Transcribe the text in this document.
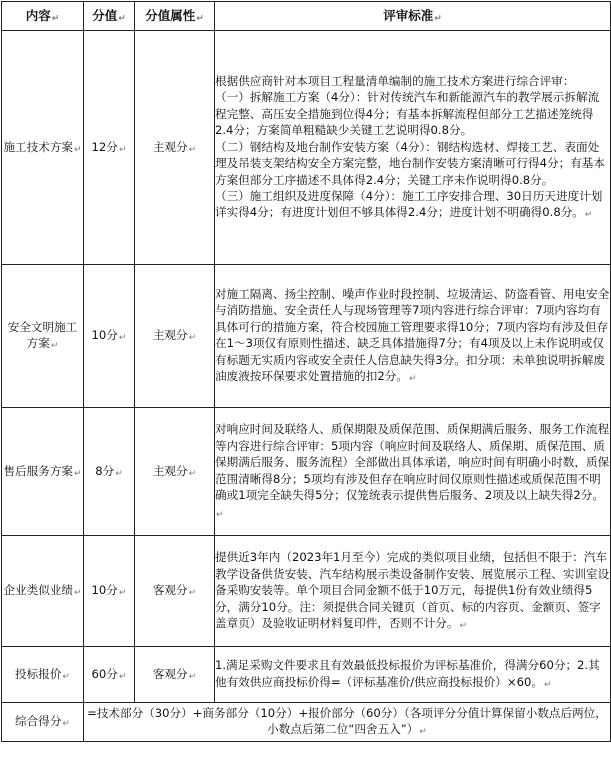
内容↵	分值↵	分值属性↵	评审标准↵
施工技术方案↵	12分↵	主观分↵	根据供应商针对本项目工程量清单编制的施工技术方案进行综合评审：
（一）拆解施工方案（4分）：针对传统汽车和新能源汽车的教学展示拆解流程完整、高压安全措施到位得4分；有基本拆解流程但部分工艺描述笼统得2.4分；方案简单粗糙缺少关键工艺说明得0.8分。
（二）钢结构及地台制作安装方案（4分）：钢结构选材、焊接工艺、表面处理及吊装支架结构安全方案完整，地台制作安装方案清晰可行得4分；有基本方案但部分工序描述不具体得2.4分；关键工序未作说明得0.8分。
（三）施工组织及进度保障（4分）：施工工序安排合理、30日历天进度计划详实得4分；有进度计划但不够具体得2.4分；进度计划不明确得0.8分。↵

安全文明施工方案↵	10分↵	主观分↵	对施工隔离、扬尘控制、噪声作业时段控制、垃圾清运、防盗看管、用电安全与消防措施、安全责任人与现场管理等7项内容进行综合评审：7项内容均有具体可行的措施方案，符合校园施工管理要求得10分；7项内容均有涉及但存在1～3项仅有原则性描述、缺乏具体措施得7分；有4项及以上未作说明或仅有标题无实质内容或安全责任人信息缺失得3分。扣分项：未单独说明拆解废油废液按环保要求处置措施的扣2分。↵

售后服务方案↵	8分↵	主观分↵	对响应时间及联络人、质保期限及质保范围、质保期满后服务、服务工作流程等内容进行综合评审：5项内容（响应时间及联络人、质保期、质保范围、质保期满后服务、服务流程）全部做出具体承诺，响应时间有明确小时数，质保范围清晰得8分；5项均有涉及但存在响应时间仅原则性描述或质保范围不明确或1项完全缺失得5分；仅笼统表示提供售后服务、2项及以上缺失得2分。↵

企业类似业绩↵	10分↵	客观分↵	提供近3年内（2023年1月至今）完成的类似项目业绩，包括但不限于：汽车教学设备供货安装、汽车结构展示类设备制作安装、展览展示工程、实训室设备采购安装等。单个项目合同金额不低于10万元，每提供1份有效业绩得5分，满分10分。注：须提供合同关键页（首页、标的内容页、金额页、签字盖章页）及验收证明材料复印件，否则不计分。↵

投标报价↵	60分↵	客观分↵	1.满足采购文件要求且有效最低投标报价为评标基准价，得满分60分；2.其他有效供应商投标价得=（评标基准价/供应商投标报价）×60。↵

综合得分↵	=技术部分（30分）+商务部分（10分）+报价部分（60分）（各项评分分值计算保留小数点后两位，小数点后第二位“四舍五入”）↵		
